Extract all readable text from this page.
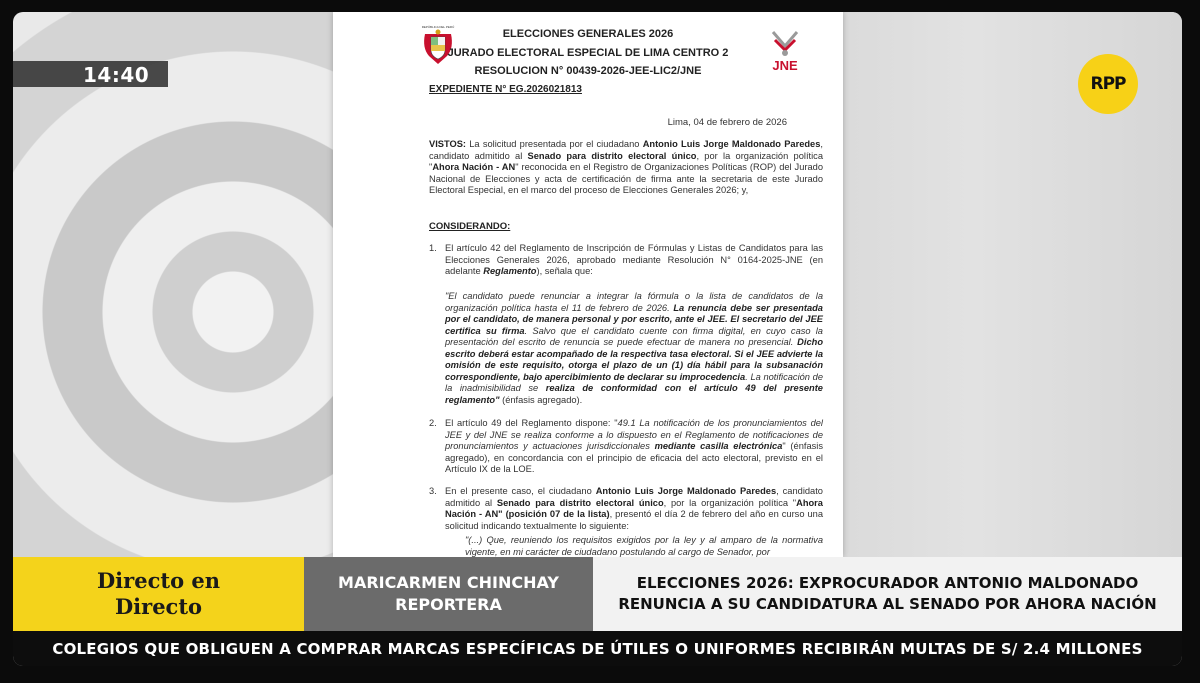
REPÚBLICA DEL PERÚ
ELECCIONES GENERALES 2026
JURADO ELECTORAL ESPECIAL DE LIMA CENTRO 2
RESOLUCION N° 00439-2026-JEE-LIC2/JNE	JNE
EXPEDIENTE N° EG.2026021813
Lima, 04 de febrero de 2026
VISTOS: La solicitud presentada por el ciudadano Antonio Luis Jorge Maldonado Paredes, candidato admitido al Senado para distrito electoral único, por la organización política "Ahora Nación - AN" reconocida en el Registro de Organizaciones Políticas (ROP) del Jurado Nacional de Elecciones y acta de certificación de firma ante la secretaria de este Jurado Electoral Especial, en el marco del proceso de Elecciones Generales 2026; y,
CONSIDERANDO:
1. El artículo 42 del Reglamento de Inscripción de Fórmulas y Listas de Candidatos para las Elecciones Generales 2026, aprobado mediante Resolución N° 0164-2025-JNE (en adelante Reglamento), señala que:
"El candidato puede renunciar a integrar la fórmula o la lista de candidatos de la organización política hasta el 11 de febrero de 2026. La renuncia debe ser presentada por el candidato, de manera personal y por escrito, ante el JEE. El secretario del JEE certifica su firma. Salvo que el candidato cuente con firma digital, en cuyo caso la presentación del escrito de renuncia se puede efectuar de manera no presencial. Dicho escrito deberá estar acompañado de la respectiva tasa electoral. Si el JEE advierte la omisión de este requisito, otorga el plazo de un (1) día hábil para la subsanación correspondiente, bajo apercibimiento de declarar su improcedencia. La notificación de la inadmisibilidad se realiza de conformidad con el artículo 49 del presente reglamento" (énfasis agregado).
2. El artículo 49 del Reglamento dispone: "49.1 La notificación de los pronunciamientos del JEE y del JNE se realiza conforme a lo dispuesto en el Reglamento de notificaciones de pronunciamientos y actuaciones jurisdiccionales mediante casilla electrónica" (énfasis agregado), en concordancia con el principio de eficacia del acto electoral, previsto en el Artículo IX de la LOE.
3. En el presente caso, el ciudadano Antonio Luis Jorge Maldonado Paredes, candidato admitido al Senado para distrito electoral único, por la organización política "Ahora Nación - AN" (posición 07 de la lista), presentó el día 2 de febrero del año en curso una solicitud indicando textualmente lo siguiente:
"(...) Que, reuniendo los requisitos exigidos por la ley y al amparo de la normativa vigente, en mi carácter de ciudadano postulando al cargo de Senador, por
14:40	RPP
Directo en
Directo
MARICARMEN CHINCHAY
REPORTERA
ELECCIONES 2026: EXPROCURADOR ANTONIO MALDONADO
RENUNCIA A SU CANDIDATURA AL SENADO POR AHORA NACIÓN
COLEGIOS QUE OBLIGUEN A COMPRAR MARCAS ESPECÍFICAS DE ÚTILES O UNIFORMES RECIBIRÁN MULTAS DE S/ 2.4 MILLONES
